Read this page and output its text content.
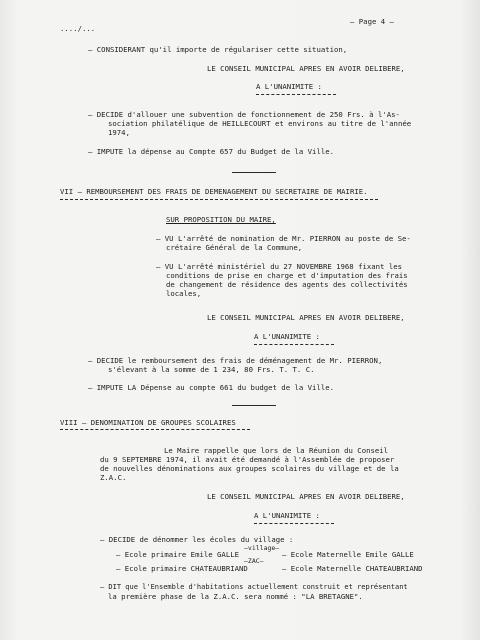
..../...
— Page 4 —
— CONSIDERANT qu'il importe de régulariser cette situation,
LE CONSEIL MUNICIPAL APRES EN AVOIR DELIBERE,
A L'UNANIMITE :
— DECIDE d'allouer une subvention de fonctionnement de 250 Frs. à l'As-
sociation philatélique de HEILLECOURT et environs au titre de l'année
1974,
— IMPUTE la dépense au Compte 657 du Budget de la Ville.
VII — REMBOURSEMENT DES FRAIS DE DEMENAGEMENT DU SECRETAIRE DE MAIRIE.
SUR PROPOSITION DU MAIRE,
— VU L'arrêté de nomination de Mr. PIERRON au poste de Se-
crétaire Général de la Commune,
— VU L'arrêté ministériel du 27 NOVEMBRE 1968 fixant les
conditions de prise en charge et d'imputation des frais
de changement de résidence des agents des collectivités
locales,
LE CONSEIL MUNICIPAL APRES EN AVOIR DELIBERE,
A L'UNANIMITE :
— DECIDE le remboursement des frais de déménagement de Mr. PIERRON,
s'élevant à la somme de 1 234, 80 Frs. T. T. C.
— IMPUTE LA Dépense au compte 661 du budget de la Ville.
VIII — DENOMINATION DE GROUPES SCOLAIRES
Le Maire rappelle que lors de la Réunion du Conseil
du 9 SEPTEMBRE 1974, il avait été demandé à l'Assemblée de proposer
de nouvelles dénominations aux groupes scolaires du village et de la
Z.A.C.
LE CONSEIL MUNICIPAL APRES EN AVOIR DELIBERE,
A L'UNANIMITE :
— DECIDE de dénommer les écoles du village :
—village—
— Ecole primaire Emile GALLE	— Ecole Maternelle Emile GALLE
—ZAC—
— Ecole primaire CHATEAUBRIAND	— Ecole Maternelle CHATEAUBRIAND
— DIT que l'Ensemble d'habitations actuellement construit et représentant
la première phase de la Z.A.C. sera nommé : "LA BRETAGNE".
